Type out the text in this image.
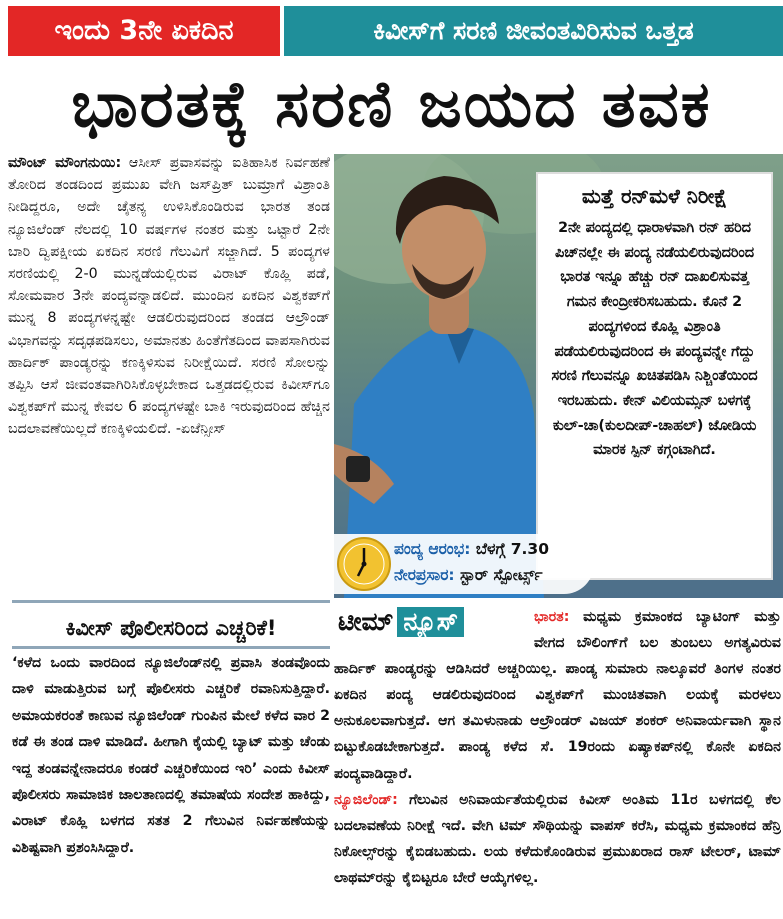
ಇಂದು 3ನೇ ಏಕದಿನ	ಕಿವೀಸ್‌ಗೆ ಸರಣಿ ಜೀವಂತವಿರಿಸುವ ಒತ್ತಡ
ಭಾರತಕ್ಕೆ ಸರಣಿ ಜಯದ ತವಕ
ಮೌಂಟ್ ಮೌಂಗನುಯಿ: ಆಸೀಸ್ ಪ್ರವಾಸವನ್ನು ಐತಿಹಾಸಿಕ ನಿರ್ವಹಣೆ ತೋರಿದ ತಂಡದಿಂದ ಪ್ರಮುಖ ವೇಗಿ ಜಸ್‌ಪ್ರಿತ್ ಬುಮ್ರಾಗೆ ವಿಶ್ರಾಂತಿ ನೀಡಿದ್ದರೂ, ಅದೇ ಚೈತನ್ಯ ಉಳಿಸಿಕೊಂಡಿರುವ ಭಾರತ ತಂಡ ನ್ಯೂಜಿಲೆಂಡ್ ನೆಲದಲ್ಲಿ 10 ವರ್ಷಗಳ ನಂತರ ಮತ್ತು ಒಟ್ಟಾರೆ 2ನೇ ಬಾರಿ ದ್ವಿಪಕ್ಷೀಯ ಏಕದಿನ ಸರಣಿ ಗೆಲುವಿಗೆ ಸಜ್ಜಾಗಿದೆ. 5 ಪಂದ್ಯಗಳ ಸರಣಿಯಲ್ಲಿ 2-0 ಮುನ್ನಡೆಯಲ್ಲಿರುವ ವಿರಾಟ್ ಕೊಹ್ಲಿ ಪಡೆ, ಸೋಮವಾರ 3ನೇ ಪಂದ್ಯವನ್ನಾಡಲಿದೆ. ಮುಂದಿನ ಏಕದಿನ ವಿಶ್ವಕಪ್‌ಗೆ ಮುನ್ನ 8 ಪಂದ್ಯಗಳನ್ನಷ್ಟೇ ಆಡಲಿರುವುದರಿಂದ ತಂಡದ ಆಲ್ರೌಂಡ್ ವಿಭಾಗವನ್ನು ಸದೃಢಪಡಿಸಲು, ಅಮಾನತು ಹಿಂತೆಗೆತದಿಂದ ವಾಪಸಾಗಿರುವ ಹಾರ್ದಿಕ್ ಪಾಂಡ್ಯರನ್ನು ಕಣಕ್ಕಿಳಿಸುವ ನಿರೀಕ್ಷೆಯಿದೆ. ಸರಣಿ ಸೋಲನ್ನು ತಪ್ಪಿಸಿ ಆಸೆ ಜೀವಂತವಾಗಿರಿಸಿಕೊಳ್ಳಬೇಕಾದ ಒತ್ತಡದಲ್ಲಿರುವ ಕಿವೀಸ್‌ಗೂ ವಿಶ್ವಕಪ್‌ಗೆ ಮುನ್ನ ಕೇವಲ 6 ಪಂದ್ಯಗಳಷ್ಟೇ ಬಾಕಿ ಇರುವುದರಿಂದ ಹೆಚ್ಚಿನ ಬದಲಾವಣೆಯಿಲ್ಲದೆ ಕಣಕ್ಕಿಳಿಯಲಿದೆ. -ಏಜೆನ್ಸೀಸ್
ಮತ್ತೆ ರನ್‌ಮಳೆ ನಿರೀಕ್ಷೆ
2ನೇ ಪಂದ್ಯದಲ್ಲಿ ಧಾರಾಳವಾಗಿ ರನ್ ಹರಿದ ಪಿಚ್‌ನಲ್ಲೇ ಈ ಪಂದ್ಯ ನಡೆಯಲಿರುವುದರಿಂದ ಭಾರತ ಇನ್ನೂ ಹೆಚ್ಚು ರನ್ ದಾಖಲಿಸುವತ್ತ ಗಮನ ಕೇಂದ್ರೀಕರಿಸಬಹುದು. ಕೊನೆ 2 ಪಂದ್ಯಗಳಿಂದ ಕೊಹ್ಲಿ ವಿಶ್ರಾಂತಿ ಪಡೆಯಲಿರುವುದರಿಂದ ಈ ಪಂದ್ಯವನ್ನೇ ಗೆದ್ದು ಸರಣಿ ಗೆಲುವನ್ನೂ ಖಚಿತಪಡಿಸಿ ನಿಶ್ಚಿಂತೆಯಿಂದ ಇರಬಹುದು. ಕೇನ್ ವಿಲಿಯಮ್ಸನ್ ಬಳಗಕ್ಕೆ ಕುಲ್-ಚಾ(ಕುಲದೀಪ್-ಚಾಹಲ್) ಜೋಡಿಯ ಮಾರಕ ಸ್ಪಿನ್ ಕಗ್ಗಂಟಾಗಿದೆ.
ಪಂದ್ಯ ಆರಂಭ: ಬೆಳಗ್ಗೆ 7.30
ನೇರಪ್ರಸಾರ: ಸ್ಟಾರ್ ಸ್ಪೋರ್ಟ್ಸ್
ಕಿವೀಸ್ ಪೊಲೀಸರಿಂದ ಎಚ್ಚರಿಕೆ!
‘ಕಳೆದ ಒಂದು ವಾರದಿಂದ ನ್ಯೂಜಿಲೆಂಡ್‌ನಲ್ಲಿ ಪ್ರವಾಸಿ ತಂಡವೊಂದು ದಾಳಿ ಮಾಡುತ್ತಿರುವ ಬಗ್ಗೆ ಪೊಲೀಸರು ಎಚ್ಚರಿಕೆ ರವಾನಿಸುತ್ತಿದ್ದಾರೆ. ಅಮಾಯಕರಂತೆ ಕಾಣುವ ನ್ಯೂಜಿಲೆಂಡ್ ಗುಂಪಿನ ಮೇಲೆ ಕಳೆದ ವಾರ 2 ಕಡೆ ಈ ತಂಡ ದಾಳಿ ಮಾಡಿದೆ. ಹೀಗಾಗಿ ಕೈಯಲ್ಲಿ ಬ್ಯಾಟ್ ಮತ್ತು ಚೆಂಡು ಇದ್ದ ತಂಡವನ್ನೇನಾದರೂ ಕಂಡರೆ ಎಚ್ಚರಿಕೆಯಿಂದ ಇರಿ’ ಎಂದು ಕಿವೀಸ್ ಪೊಲೀಸರು ಸಾಮಾಜಿಕ ಜಾಲತಾಣದಲ್ಲಿ ತಮಾಷೆಯ ಸಂದೇಶ ಹಾಕಿದ್ದು, ವಿರಾಟ್ ಕೊಹ್ಲಿ ಬಳಗದ ಸತತ 2 ಗೆಲುವಿನ ನಿರ್ವಹಣೆಯನ್ನು ವಿಶಿಷ್ಟವಾಗಿ ಪ್ರಶಂಸಿಸಿದ್ದಾರೆ.
ಭಾರತ: ಮಧ್ಯಮ ಕ್ರಮಾಂಕದ ಬ್ಯಾಟಿಂಗ್ ಮತ್ತು ವೇಗದ ಬೌಲಿಂಗ್‌ಗೆ ಬಲ ತುಂಬಲು ಅಗತ್ಯವಿರುವ ಹಾರ್ದಿಕ್ ಪಾಂಡ್ಯರನ್ನು ಆಡಿಸಿದರೆ ಅಚ್ಚರಿಯಿಲ್ಲ. ಪಾಂಡ್ಯ ಸುಮಾರು ನಾಲ್ಕೂವರೆ ತಿಂಗಳ ನಂತರ ಏಕದಿನ ಪಂದ್ಯ ಆಡಲಿರುವುದರಿಂದ ವಿಶ್ವಕಪ್‌ಗೆ ಮುಂಚಿತವಾಗಿ ಲಯಕ್ಕೆ ಮರಳಲು ಅನುಕೂಲವಾಗುತ್ತದೆ. ಆಗ ತಮಿಳುನಾಡು ಆಲ್ರೌಂಡರ್ ವಿಜಯ್ ಶಂಕರ್ ಅನಿವಾರ್ಯವಾಗಿ ಸ್ಥಾನ ಬಿಟ್ಟುಕೊಡಬೇಕಾಗುತ್ತದೆ. ಪಾಂಡ್ಯ ಕಳೆದ ಸೆ. 19ರಂದು ಏಷ್ಯಾಕಪ್‌ನಲ್ಲಿ ಕೊನೇ ಏಕದಿನ ಪಂದ್ಯವಾಡಿದ್ದಾರೆ.
ನ್ಯೂಜಿಲೆಂಡ್: ಗೆಲುವಿನ ಅನಿವಾರ್ಯತೆಯಲ್ಲಿರುವ ಕಿವೀಸ್ ಅಂತಿಮ 11ರ ಬಳಗದಲ್ಲಿ ಕೆಲ ಬದಲಾವಣೆಯ ನಿರೀಕ್ಷೆ ಇದೆ. ವೇಗಿ ಟಿಮ್ ಸೌಥಿಯನ್ನು ವಾಪಸ್ ಕರೆಸಿ, ಮಧ್ಯಮ ಕ್ರಮಾಂಕದ ಹೆನ್ರಿ ನಿಕೋಲ್ಸ್‌ರನ್ನು ಕೈಬಿಡಬಹುದು. ಲಯ ಕಳೆದುಕೊಂಡಿರುವ ಪ್ರಮುಖರಾದ ರಾಸ್ ಟೇಲರ್, ಟಾಮ್ ಲಾಥಮ್‌ರನ್ನು ಕೈಬಿಟ್ಟರೂ ಬೇರೆ ಆಯ್ಕೆಗಳಿಲ್ಲ.
ಟೀಮ್ ನ್ಯೂಸ್
